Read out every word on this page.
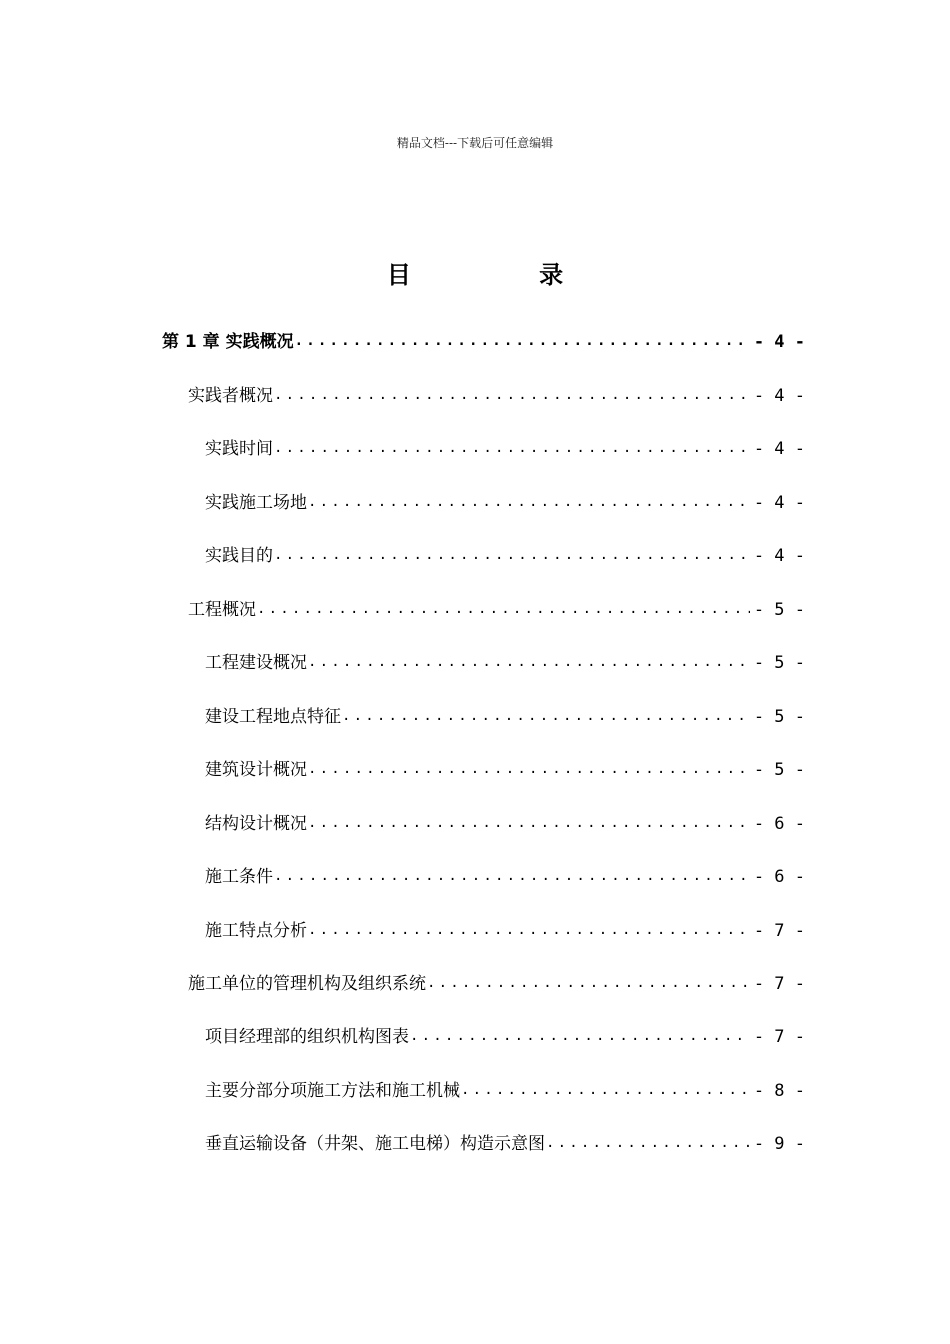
精品文档---下载后可任意编辑
目 录
第 1 章 实践概况 .....	- 4 -
实践者概况 .....	- 4 -
实践时间 .....	- 4 -
实践施工场地 .....	- 4 -
实践目的 .....	- 4 -
工程概况 .....	- 5 -
工程建设概况 .....	- 5 -
建设工程地点特征 .....	- 5 -
建筑设计概况 .....	- 5 -
结构设计概况 .....	- 6 -
施工条件 .....	- 6 -
施工特点分析 .....	- 7 -
施工单位的管理机构及组织系统 .....	- 7 -
项目经理部的组织机构图表 .....	- 7 -
主要分部分项施工方法和施工机械 .....	- 8 -
垂直运输设备（井架、施工电梯）构造示意图 .....	- 9 -
